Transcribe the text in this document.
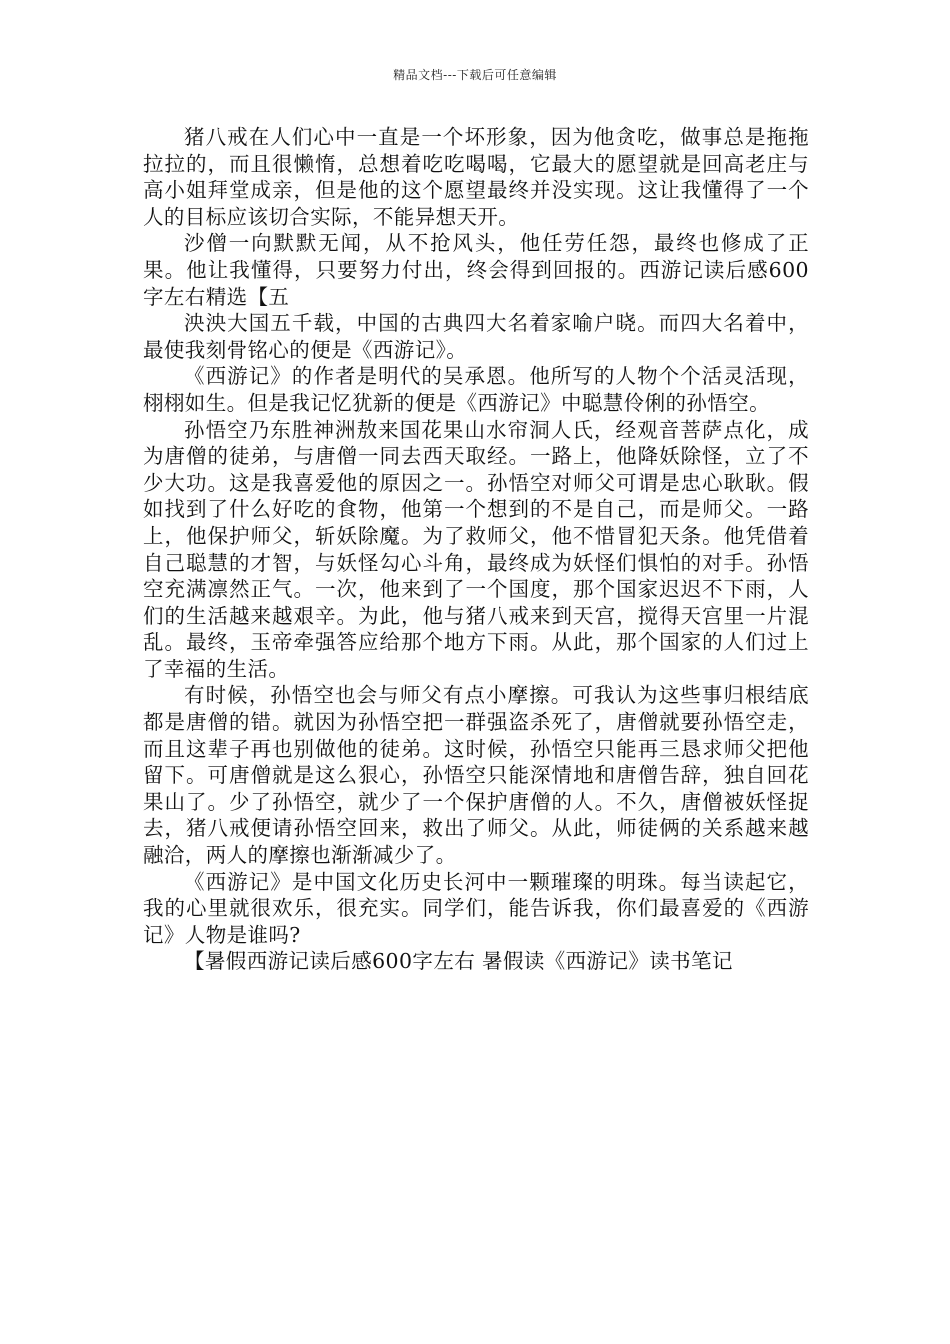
精品文档---下载后可任意编辑

猪八戒在人们心中一直是一个坏形象，因为他贪吃，做事总是拖拖拉拉的，而且很懒惰，总想着吃吃喝喝，它最大的愿望就是回高老庄与高小姐拜堂成亲，但是他的这个愿望最终并没实现。这让我懂得了一个人的目标应该切合实际，不能异想天开。

沙僧一向默默无闻，从不抢风头，他任劳任怨，最终也修成了正果。他让我懂得，只要努力付出，终会得到回报的。西游记读后感600字左右精选【五

泱泱大国五千载，中国的古典四大名着家喻户晓。而四大名着中，最使我刻骨铭心的便是《西游记》。

《西游记》的作者是明代的吴承恩。他所写的人物个个活灵活现，栩栩如生。但是我记忆犹新的便是《西游记》中聪慧伶俐的孙悟空。

孙悟空乃东胜神洲敖来国花果山水帘洞人氏，经观音菩萨点化，成为唐僧的徒弟，与唐僧一同去西天取经。一路上，他降妖除怪，立了不少大功。这是我喜爱他的原因之一。孙悟空对师父可谓是忠心耿耿。假如找到了什么好吃的食物，他第一个想到的不是自己，而是师父。一路上，他保护师父，斩妖除魔。为了救师父，他不惜冒犯天条。他凭借着自己聪慧的才智，与妖怪勾心斗角，最终成为妖怪们惧怕的对手。孙悟空充满凛然正气。一次，他来到了一个国度，那个国家迟迟不下雨，人们的生活越来越艰辛。为此，他与猪八戒来到天宫，搅得天宫里一片混乱。最终，玉帝牵强答应给那个地方下雨。从此，那个国家的人们过上了幸福的生活。

有时候，孙悟空也会与师父有点小摩擦。可我认为这些事归根结底都是唐僧的错。就因为孙悟空把一群强盗杀死了，唐僧就要孙悟空走，而且这辈子再也别做他的徒弟。这时候，孙悟空只能再三恳求师父把他留下。可唐僧就是这么狠心，孙悟空只能深情地和唐僧告辞，独自回花果山了。少了孙悟空，就少了一个保护唐僧的人。不久，唐僧被妖怪捉去，猪八戒便请孙悟空回来，救出了师父。从此，师徒俩的关系越来越融洽，两人的摩擦也渐渐减少了。

《西游记》是中国文化历史长河中一颗璀璨的明珠。每当读起它，我的心里就很欢乐，很充实。同学们，能告诉我，你们最喜爱的《西游记》人物是谁吗?

【暑假西游记读后感600字左右 暑假读《西游记》读书笔记
